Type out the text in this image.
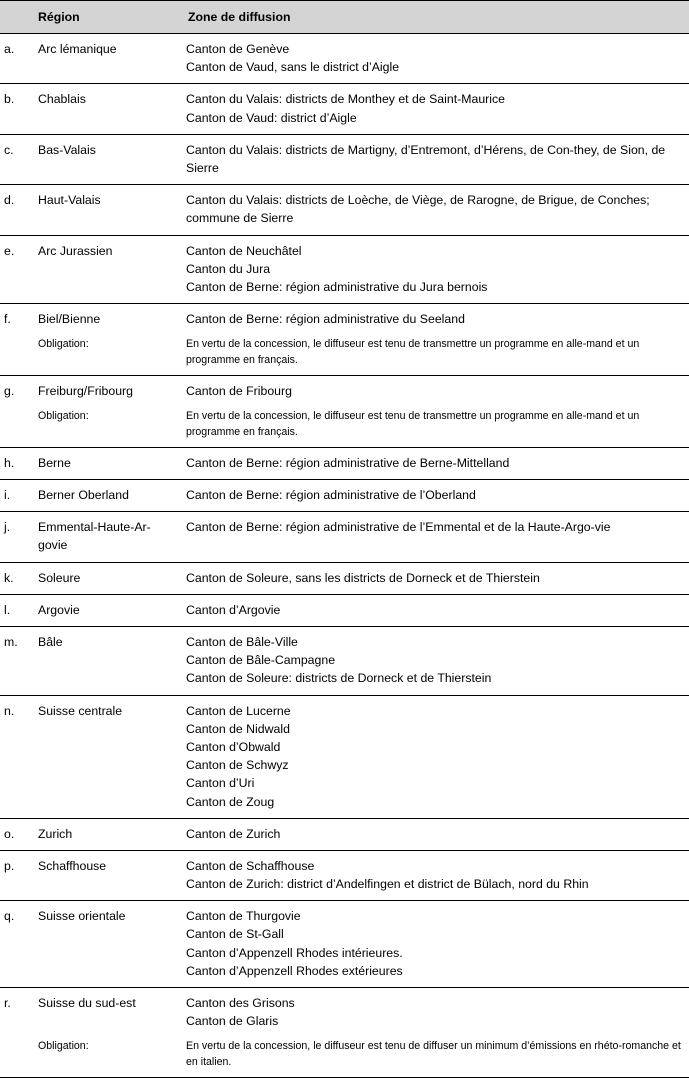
	Région	Zone de diffusion
a.	Arc lémanique	Canton de Genève
Canton de Vaud, sans le district d’Aigle

b.	Chablais	Canton du Valais: districts de Monthey et de Saint-Maurice
Canton de Vaud: district d’Aigle

c.	Bas-Valais	Canton du Valais: districts de Martigny, d’Entremont, d’Hérens, de Con-they, de Sion, de Sierre

d.	Haut-Valais	Canton du Valais: districts de Loèche, de Viège, de Rarogne, de Brigue, de Conches; commune de Sierre

e.	Arc Jurassien	Canton de Neuchâtel
Canton du Jura
Canton de Berne: région administrative du Jura bernois

f.	Biel/Bienne	Canton de Berne: région administrative du Seeland

	Obligation:	En vertu de la concession, le diffuseur est tenu de transmettre un programme en alle-mand et un programme en français.
g.	Freiburg/Fribourg	Canton de Fribourg

	Obligation:	En vertu de la concession, le diffuseur est tenu de transmettre un programme en alle-mand et un programme en français.
h.	Berne	Canton de Berne: région administrative de Berne-Mittelland

i.	Berner Oberland	Canton de Berne: région administrative de l’Oberland

j.	Emmental-Haute-Ar-govie	Canton de Berne: région administrative de l’Emmental et de la Haute-Argo-vie

k.	Soleure	Canton de Soleure, sans les districts de Dorneck et de Thierstein

l.	Argovie	Canton d’Argovie

m.	Bâle	Canton de Bâle-Ville
Canton de Bâle-Campagne
Canton de Soleure: districts de Dorneck et de Thierstein

n.	Suisse centrale	Canton de Lucerne
Canton de Nidwald
Canton d’Obwald
Canton de Schwyz
Canton d’Uri
Canton de Zoug

o.	Zurich	Canton de Zurich

p.	Schaffhouse	Canton de Schaffhouse
Canton de Zurich: district d’Andelfingen et district de Bülach, nord du Rhin

q.	Suisse orientale	Canton de Thurgovie
Canton de St-Gall
Canton d’Appenzell Rhodes intérieures.
Canton d’Appenzell Rhodes extérieures

r.	Suisse du sud-est	Canton des Grisons
Canton de Glaris

	Obligation:	En vertu de la concession, le diffuseur est tenu de diffuser un minimum d’émissions en rhéto-romanche et en italien.
